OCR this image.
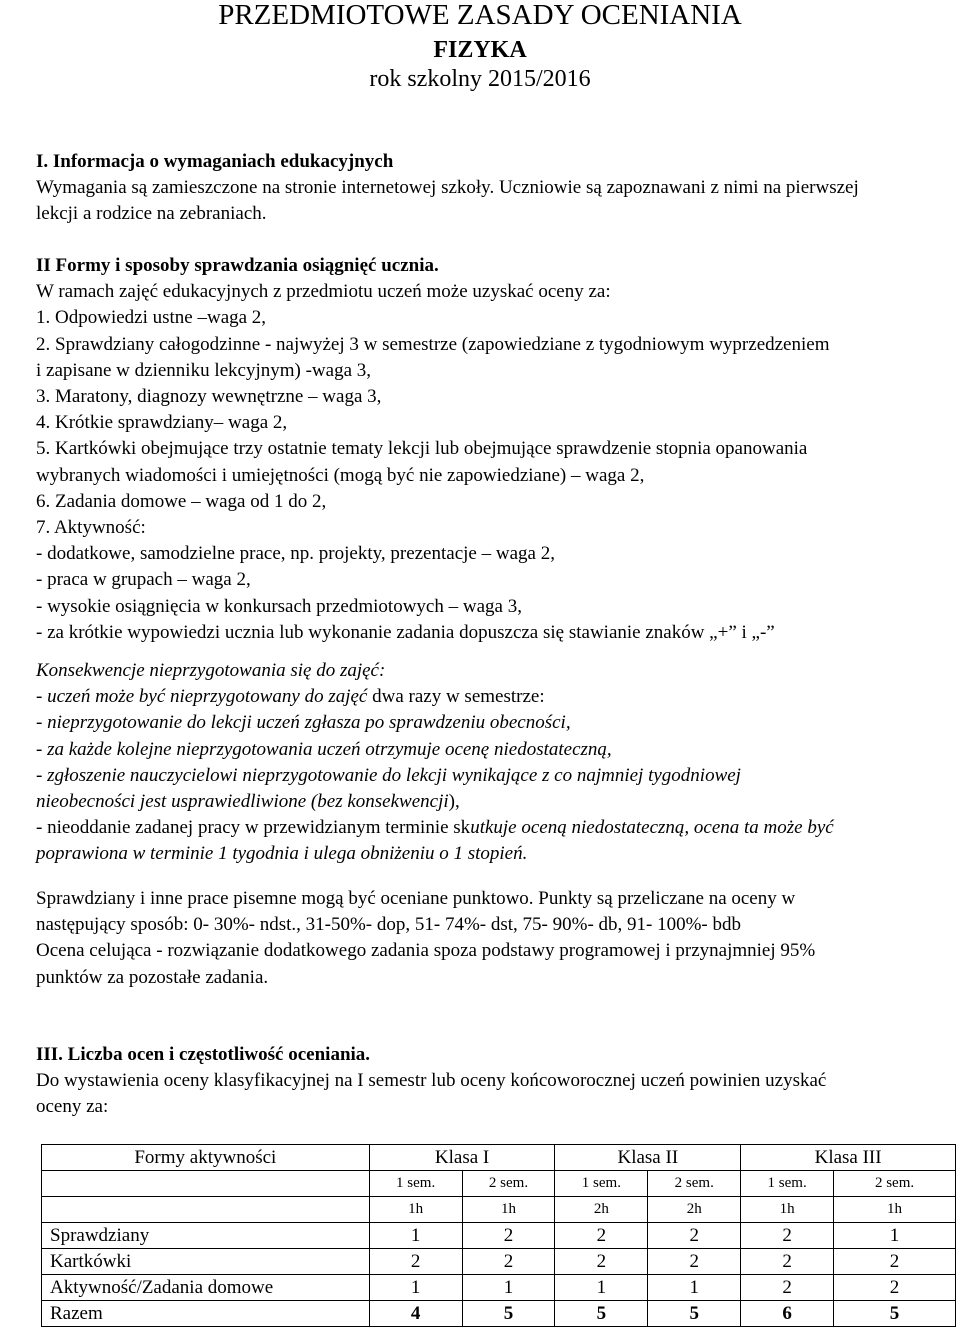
PRZEDMIOTOWE ZASADY OCENIANIA
FIZYKA
rok szkolny 2015/2016

I. Informacja o wymaganiach edukacyjnych

Wymagania są zamieszczone na stronie internetowej szkoły. Uczniowie są zapoznawani z nimi na pierwszej

lekcji a rodzice na zebraniach.

II Formy i sposoby sprawdzania osiągnięć ucznia.

W ramach zajęć edukacyjnych z przedmiotu uczeń może uzyskać oceny za:

1. Odpowiedzi ustne –waga 2,

2. Sprawdziany całogodzinne - najwyżej 3 w semestrze (zapowiedziane z tygodniowym wyprzedzeniem

i zapisane w dzienniku lekcyjnym) -waga 3,

3. Maratony, diagnozy wewnętrzne – waga 3,

4. Krótkie sprawdziany– waga 2,

5. Kartkówki obejmujące trzy ostatnie tematy lekcji lub obejmujące sprawdzenie stopnia opanowania

wybranych wiadomości i umiejętności (mogą być nie zapowiedziane) – waga 2,

6. Zadania domowe – waga od 1 do 2,

7. Aktywność:

- dodatkowe, samodzielne prace, np. projekty, prezentacje – waga 2,

- praca w grupach – waga 2,

- wysokie osiągnięcia w konkursach przedmiotowych – waga 3,

- za krótkie wypowiedzi ucznia lub wykonanie zadania dopuszcza się stawianie znaków „+” i „-”

Konsekwencje nieprzygotowania się do zajęć:

- uczeń może być nieprzygotowany do zajęć dwa razy w semestrze:

- nieprzygotowanie do lekcji uczeń zgłasza po sprawdzeniu obecności,

- za każde kolejne nieprzygotowania uczeń otrzymuje ocenę niedostateczną,

- zgłoszenie nauczycielowi nieprzygotowanie do lekcji wynikające z co najmniej tygodniowej

nieobecności jest usprawiedliwione (bez konsekwencji),

- nieoddanie zadanej pracy w przewidzianym terminie skutkuje oceną niedostateczną, ocena ta może być

poprawiona w terminie 1 tygodnia i ulega obniżeniu o 1 stopień.

Sprawdziany i inne prace pisemne mogą być oceniane punktowo. Punkty są przeliczane na oceny w

następujący sposób: 0- 30%- ndst., 31-50%- dop, 51- 74%- dst, 75- 90%- db, 91- 100%- bdb

Ocena celująca - rozwiązanie dodatkowego zadania spoza podstawy programowej i przynajmniej 95%

punktów za pozostałe zadania.

III. Liczba ocen i częstotliwość oceniania.

Do wystawienia oceny klasyfikacyjnej na I semestr lub oceny końcoworocznej uczeń powinien uzyskać

oceny za:

Formy aktywności	Klasa I		Klasa II		Klasa III	
	1 sem.	2 sem.	1 sem.	2 sem.	1 sem.	2 sem.
	1h	1h	2h	2h	1h	1h
Sprawdziany	1	2	2	2	2	1
Kartkówki	2	2	2	2	2	2
Aktywność/Zadania domowe	1	1	1	1	2	2
Razem	4	5	5	5	6	5
